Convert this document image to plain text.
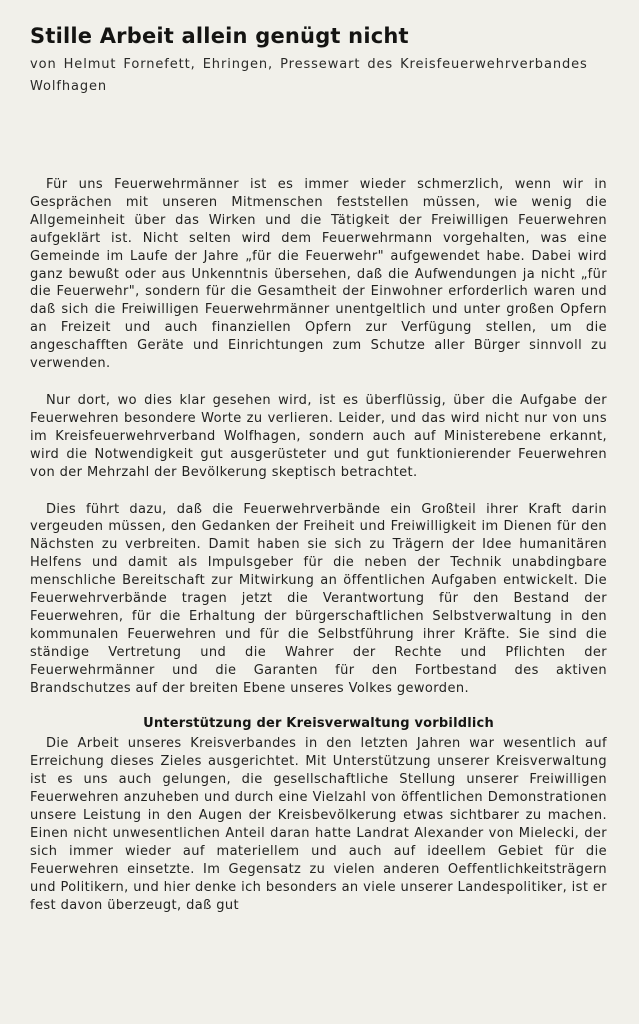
Stille Arbeit allein genügt nicht

von Helmut Fornefett, Ehringen, Pressewart des Kreisfeuerwehrverbandes Wolfhagen

Für uns Feuerwehrmänner ist es immer wieder schmerzlich, wenn wir in Gesprächen mit unseren Mitmenschen feststellen müssen, wie wenig die Allgemeinheit über das Wirken und die Tätigkeit der Freiwilligen Feuerwehren aufgeklärt ist. Nicht selten wird dem Feuerwehrmann vorgehalten, was eine Gemeinde im Laufe der Jahre „für die Feuerwehr" aufgewendet habe. Dabei wird ganz bewußt oder aus Unkenntnis übersehen, daß die Aufwendungen ja nicht „für die Feuerwehr", sondern für die Gesamtheit der Einwohner erforderlich waren und daß sich die Freiwilligen Feuerwehrmänner unentgeltlich und unter großen Opfern an Freizeit und auch finanziellen Opfern zur Verfügung stellen, um die angeschafften Geräte und Einrichtungen zum Schutze aller Bürger sinnvoll zu verwenden.

Nur dort, wo dies klar gesehen wird, ist es überflüssig, über die Aufgabe der Feuerwehren besondere Worte zu verlieren. Leider, und das wird nicht nur von uns im Kreisfeuerwehrverband Wolfhagen, sondern auch auf Ministerebene erkannt, wird die Notwendigkeit gut ausgerüsteter und gut funktionierender Feuerwehren von der Mehrzahl der Bevölkerung skeptisch betrachtet.

Dies führt dazu, daß die Feuerwehrverbände ein Großteil ihrer Kraft darin vergeuden müssen, den Gedanken der Freiheit und Freiwilligkeit im Dienen für den Nächsten zu verbreiten. Damit haben sie sich zu Trägern der Idee humanitären Helfens und damit als Impulsgeber für die neben der Technik unabdingbare menschliche Bereitschaft zur Mitwirkung an öffentlichen Aufgaben entwickelt. Die Feuerwehrverbände tragen jetzt die Verantwortung für den Bestand der Feuerwehren, für die Erhaltung der bürgerschaftlichen Selbstverwaltung in den kommunalen Feuerwehren und für die Selbstführung ihrer Kräfte. Sie sind die ständige Vertretung und die Wahrer der Rechte und Pflichten der Feuerwehrmänner und die Garanten für den Fortbestand des aktiven Brandschutzes auf der breiten Ebene unseres Volkes geworden.

Unterstützung der Kreisverwaltung vorbildlich

Die Arbeit unseres Kreisverbandes in den letzten Jahren war wesentlich auf Erreichung dieses Zieles ausgerichtet. Mit Unterstützung unserer Kreisverwaltung ist es uns auch gelungen, die gesellschaftliche Stellung unserer Freiwilligen Feuerwehren anzuheben und durch eine Vielzahl von öffentlichen Demonstrationen unsere Leistung in den Augen der Kreisbevölkerung etwas sichtbarer zu machen. Einen nicht unwesentlichen Anteil daran hatte Landrat Alexander von Mielecki, der sich immer wieder auf materiellem und auch auf ideellem Gebiet für die Feuerwehren einsetzte. Im Gegensatz zu vielen anderen Oeffentlichkeitsträgern und Politikern, und hier denke ich besonders an viele unserer Landespolitiker, ist er fest davon überzeugt, daß gut
